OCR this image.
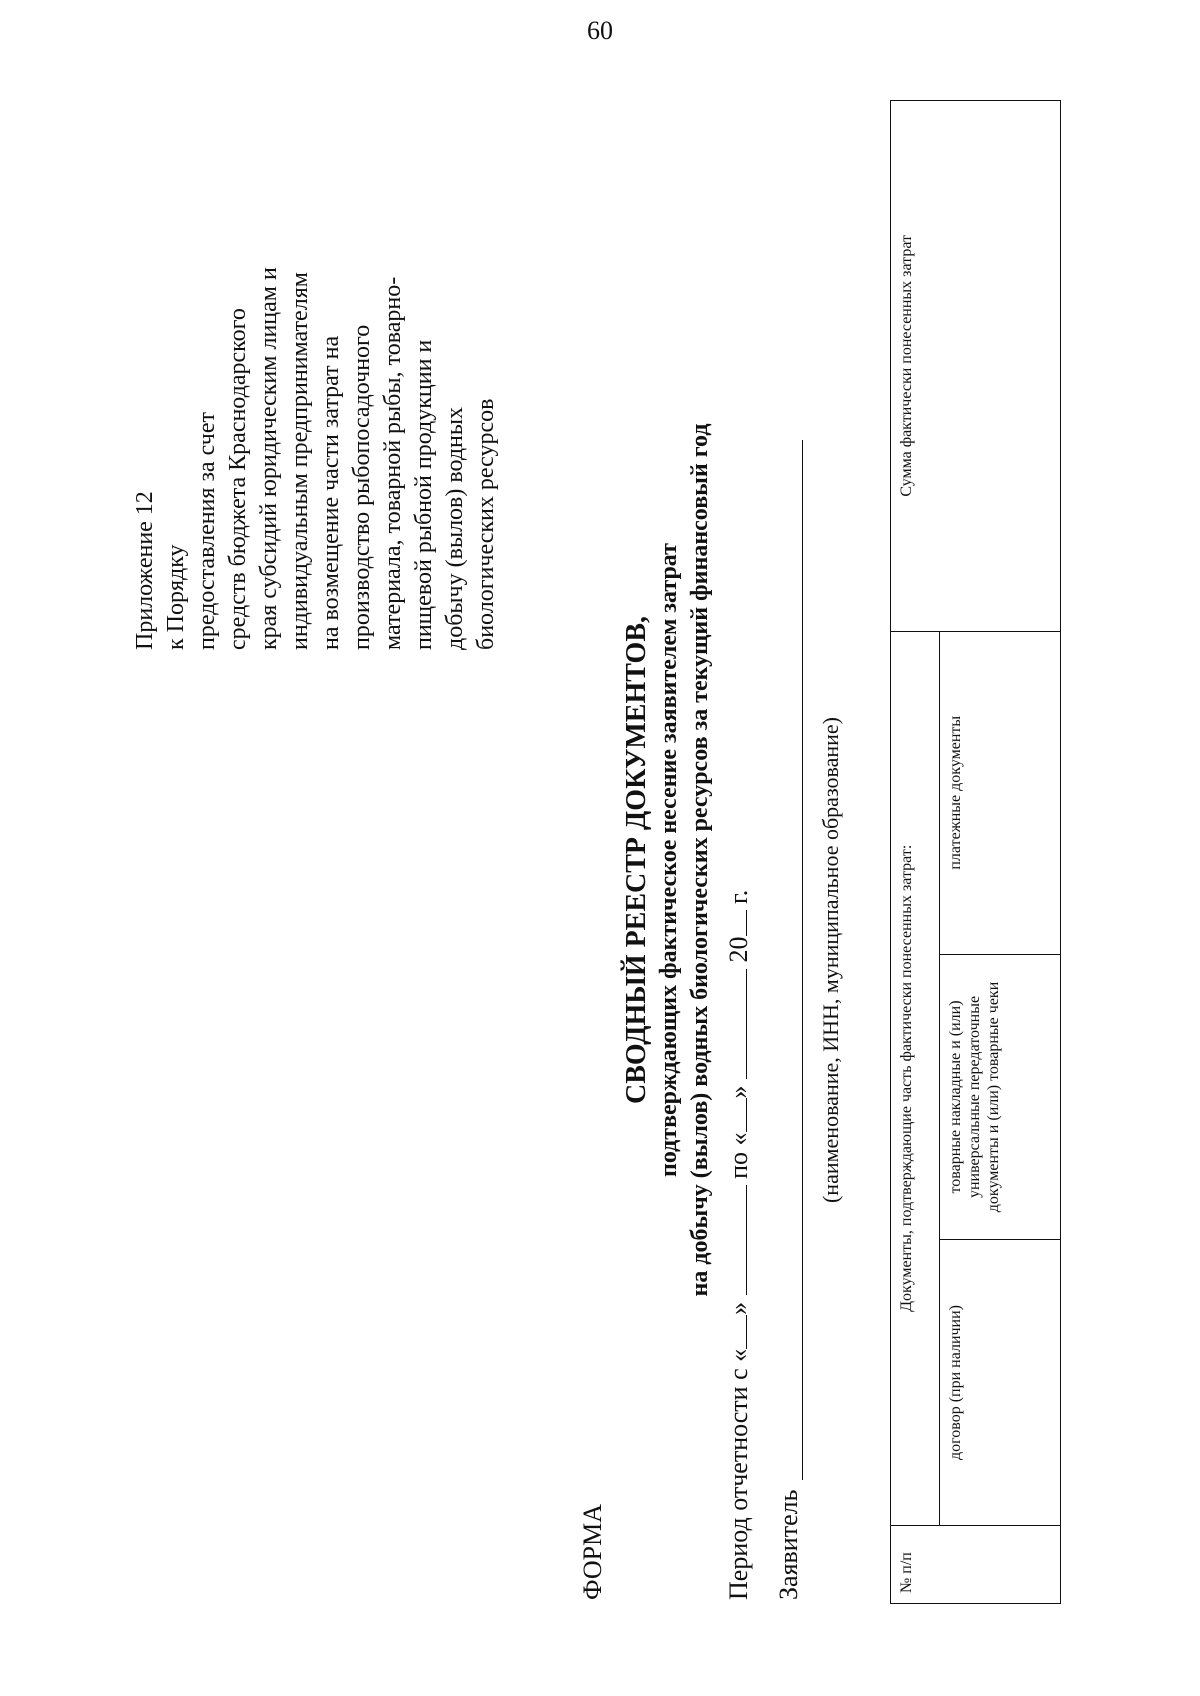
60
Приложение 12 к Порядку предоставления за счет средств бюджета Краснодарского края субсидий юридическим лицам и индивидуальным предпринимателям на возмещение части затрат на производство рыбопосадочного материала, товарной рыбы, товарно- пищевой рыбной продукции и добычу (вылов) водных биологических ресурсов
ФОРМА
СВОДНЫЙ РЕЕСТР ДОКУМЕНТОВ, подтверждающих фактическое несение заявителем затрат на добычу (вылов) водных биологических ресурсов за текущий финансовый год
Период отчетности с «»  по «»  20 г.
Заявитель
(наименование, ИНН, муниципальное образование)
№ п/п	Документы, подтверждающие часть фактически понесенных затрат:			Сумма фактически понесенных затрат
	договор (при наличии)	товарные накладные и (или) универсальные передаточные документы и (или) товарные чеки	платежные документы	
